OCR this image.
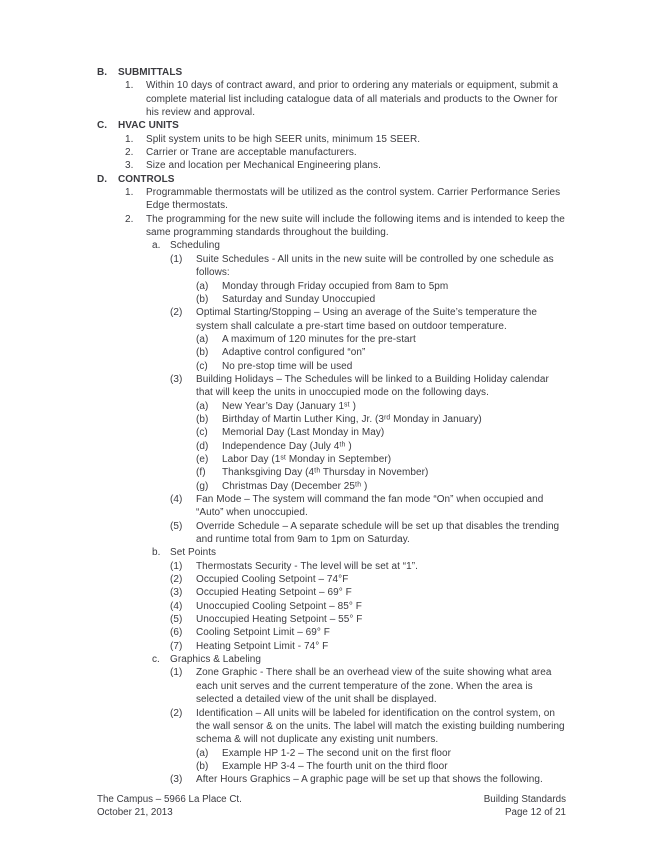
B.	SUBMITTALS
1.	Within 10 days of contract award, and prior to ordering any materials or equipment, submit a complete material list including catalogue data of all materials and products to the Owner for his review and approval.
C.	HVAC UNITS
1.	Split system units to be high SEER units, minimum 15 SEER.
2.	Carrier or Trane are acceptable manufacturers.
3.	Size and location per Mechanical Engineering plans.
D.	CONTROLS
1.	Programmable thermostats will be utilized as the control system. Carrier Performance Series Edge thermostats.
2.	The programming for the new suite will include the following items and is intended to keep the same programming standards throughout the building.
a. Scheduling
(1)	Suite Schedules - All units in the new suite will be controlled by one schedule as follows:
(a)	Monday through Friday occupied from 8am to 5pm
(b)	Saturday and Sunday Unoccupied
(2)	Optimal Starting/Stopping – Using an average of the Suite’s temperature the system shall calculate a pre-start time based on outdoor temperature.
(a)	A maximum of 120 minutes for the pre-start
(b)	Adaptive control configured “on”
(c)	No pre-stop time will be used
(3)	Building Holidays – The Schedules will be linked to a Building Holiday calendar that will keep the units in unoccupied mode on the following days.
(a)	New Year’s Day (January 1ˢᵗ )
(b)	Birthday of Martin Luther King, Jr. (3ʳᵈ Monday in January)
(c)	Memorial Day (Last Monday in May)
(d)	Independence Day (July 4ᵗʰ )
(e)	Labor Day (1ˢᵗ Monday in September)
(f)	Thanksgiving Day (4ᵗʰ Thursday in November)
(g)	Christmas Day (December 25ᵗʰ )
(4)	Fan Mode – The system will command the fan mode “On” when occupied and “Auto” when unoccupied.
(5)	Override Schedule – A separate schedule will be set up that disables the trending and runtime total from 9am to 1pm on Saturday.
b. Set Points
(1)	Thermostats Security - The level will be set at “1”.
(2)	Occupied Cooling Setpoint – 74°F
(3)	Occupied Heating Setpoint – 69° F
(4)	Unoccupied Cooling Setpoint – 85° F
(5)	Unoccupied Heating Setpoint – 55° F
(6)	Cooling Setpoint Limit – 69° F
(7)	Heating Setpoint Limit - 74° F
c.	Graphics & Labeling
(1)	Zone Graphic - There shall be an overhead view of the suite showing what area each unit serves and the current temperature of the zone. When the area is selected a detailed view of the unit shall be displayed.
(2)	Identification – All units will be labeled for identification on the control system, on the wall sensor & on the units. The label will match the existing building numbering schema & will not duplicate any existing unit numbers.
(a)	Example HP 1-2 – The second unit on the first floor
(b)	Example HP 3-4 – The fourth unit on the third floor
(3)	After Hours Graphics – A graphic page will be set up that shows the following.
The Campus – 5966 La Place Ct.
October 21, 2013
Building Standards
Page 12 of 21
